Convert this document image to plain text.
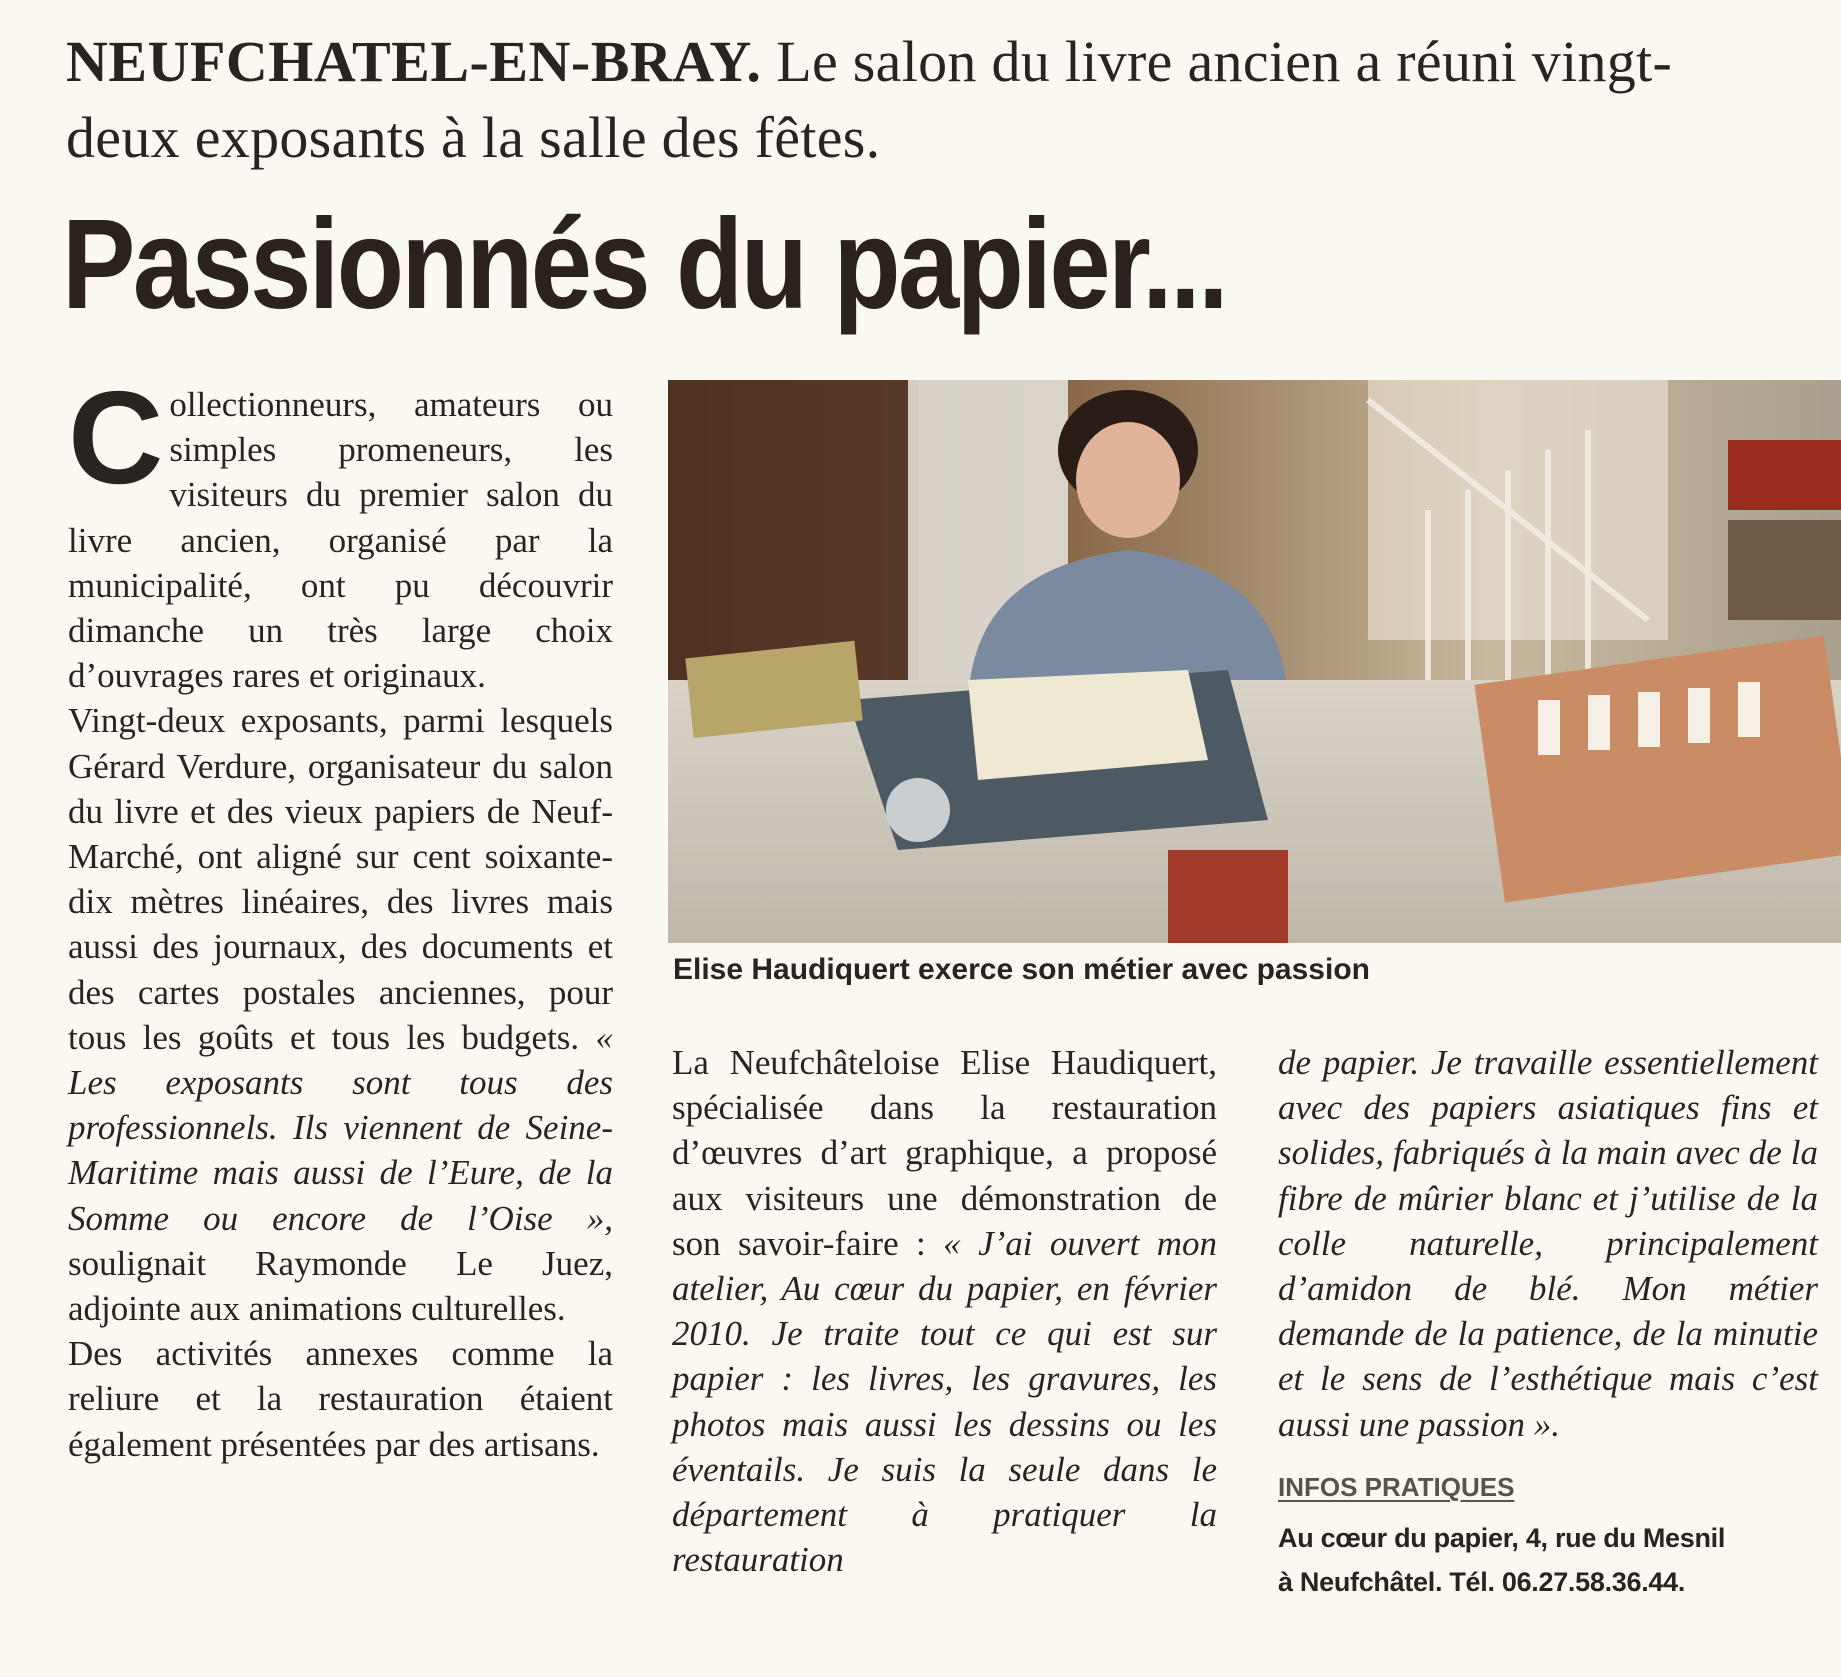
NEUFCHATEL-EN-BRAY. Le salon du livre ancien a réuni vingt-deux exposants à la salle des fêtes.
Passionnés du papier...

Collectionneurs, amateurs ou simples promeneurs, les visiteurs du premier salon du livre ancien, organisé par la municipalité, ont pu découvrir dimanche un très large choix d’ouvrages rares et originaux.

Vingt-deux exposants, parmi lesquels Gérard Verdure, organisateur du salon du livre et des vieux papiers de Neuf-Marché, ont aligné sur cent soixante-dix mètres linéaires, des livres mais aussi des journaux, des documents et des cartes postales anciennes, pour tous les goûts et tous les budgets. « Les exposants sont tous des professionnels. Ils viennent de Seine-Maritime mais aussi de l’Eure, de la Somme ou encore de l’Oise », soulignait Raymonde Le Juez, adjointe aux animations culturelles.

Des activités annexes comme la reliure et la restauration étaient également présentées par des artisans.

Elise Haudiquert exerce son métier avec passion

La Neufchâteloise Elise Haudiquert, spécialisée dans la restauration d’œuvres d’art graphique, a proposé aux visiteurs une démonstration de son savoir-faire : « J’ai ouvert mon atelier, Au cœur du papier, en février 2010. Je traite tout ce qui est sur papier : les livres, les gravures, les photos mais aussi les dessins ou les éventails. Je suis la seule dans le département à pratiquer la restauration

de papier. Je travaille essentiellement avec des papiers asiatiques fins et solides, fabriqués à la main avec de la fibre de mûrier blanc et j’utilise de la colle naturelle, principalement d’amidon de blé. Mon métier demande de la patience, de la minutie et le sens de l’esthétique mais c’est aussi une passion ».

INFOS PRATIQUES
Au cœur du papier, 4, rue du Mesnil
à Neufchâtel. Tél. 06.27.58.36.44.
